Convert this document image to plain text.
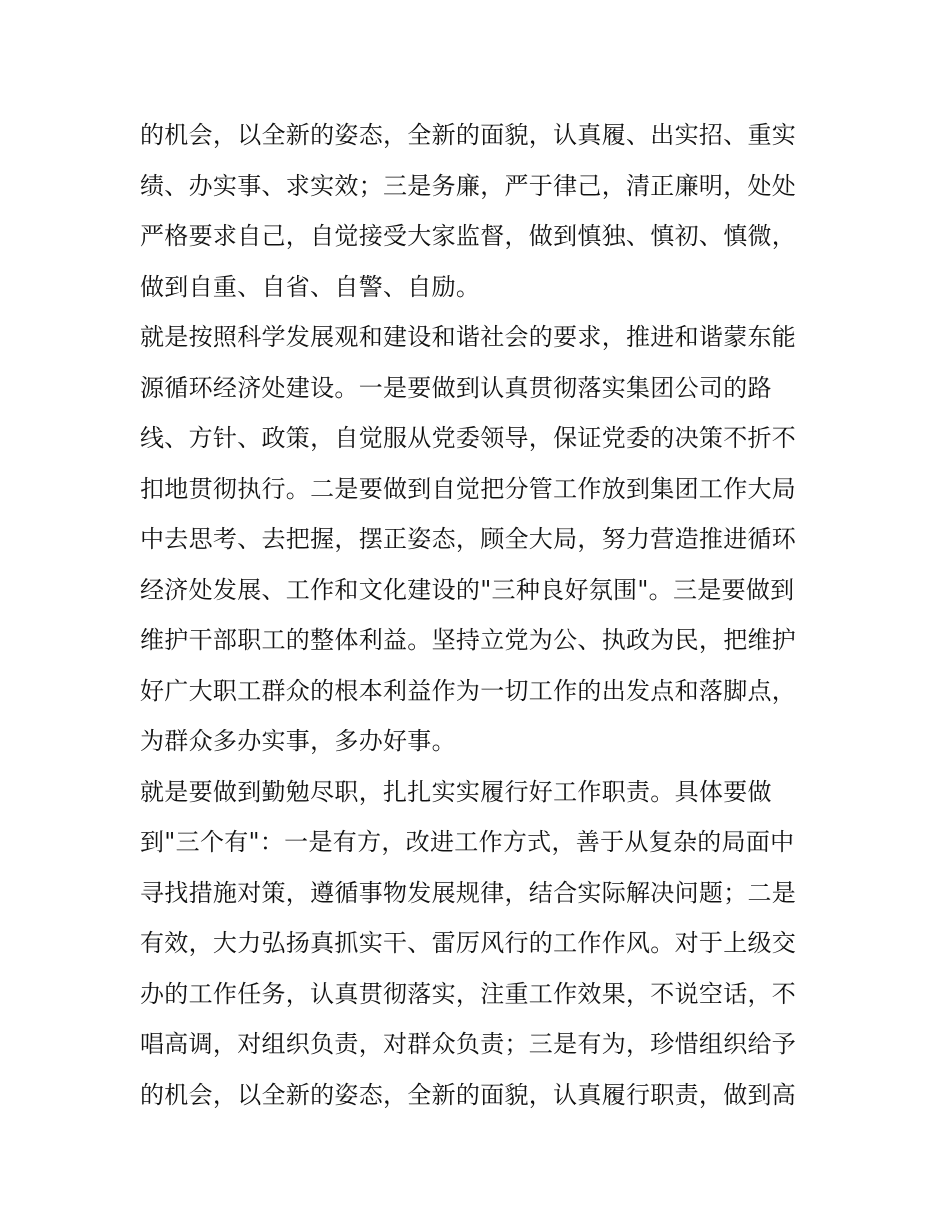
的机会，以全新的姿态，全新的面貌，认真履、出实招、重实
绩、办实事、求实效；三是务廉，严于律己，清正廉明，处处
严格要求自己，自觉接受大家监督，做到慎独、慎初、慎微，
做到自重、自省、自警、自励。
就是按照科学发展观和建设和谐社会的要求，推进和谐蒙东能
源循环经济处建设。一是要做到认真贯彻落实集团公司的路
线、方针、政策，自觉服从党委领导，保证党委的决策不折不
扣地贯彻执行。二是要做到自觉把分管工作放到集团工作大局
中去思考、去把握，摆正姿态，顾全大局，努力营造推进循环
经济处发展、工作和文化建设的"三种良好氛围"。三是要做到
维护干部职工的整体利益。坚持立党为公、执政为民，把维护
好广大职工群众的根本利益作为一切工作的出发点和落脚点，
为群众多办实事，多办好事。
就是要做到勤勉尽职，扎扎实实履行好工作职责。具体要做
到"三个有"：一是有方，改进工作方式，善于从复杂的局面中
寻找措施对策，遵循事物发展规律，结合实际解决问题；二是
有效，大力弘扬真抓实干、雷厉风行的工作作风。对于上级交
办的工作任务，认真贯彻落实，注重工作效果，不说空话，不
唱高调，对组织负责，对群众负责；三是有为，珍惜组织给予
的机会，以全新的姿态，全新的面貌，认真履行职责，做到高
